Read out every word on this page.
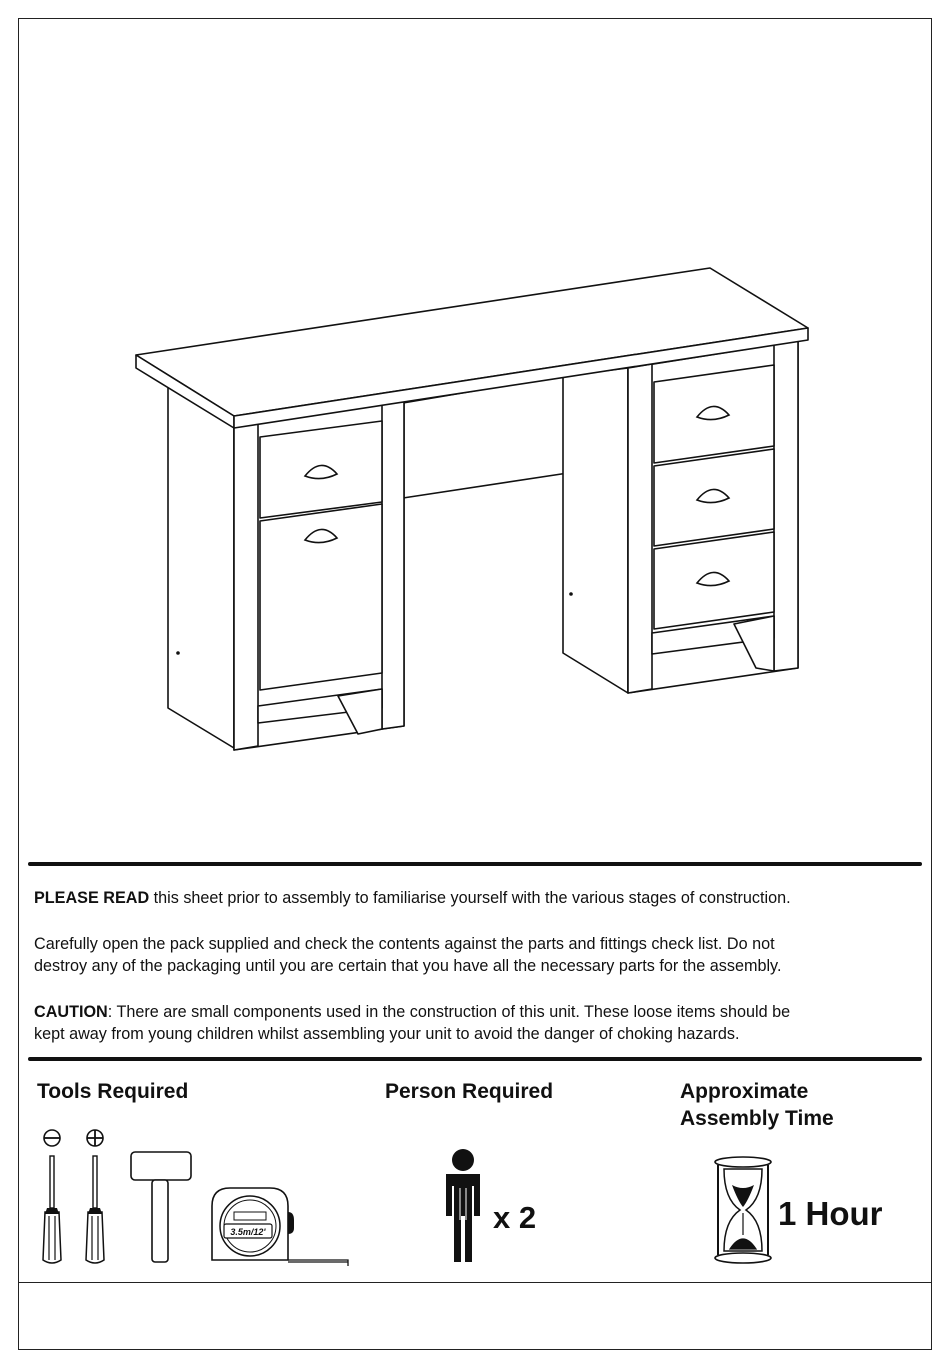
PLEASE READ this sheet prior to assembly to familiarise yourself with the various stages of construction.
Carefully open the pack supplied and check the contents against the parts and fittings check list. Do not
destroy any of the packaging until you are certain that you have all the necessary parts for the assembly.
CAUTION: There are small components used in the construction of this unit. These loose items should be
kept away from young children whilst assembling your unit to avoid the danger of choking hazards.
Tools Required
3.5m/12'
Person Required
x 2
Approximate
Assembly Time
1 Hour
